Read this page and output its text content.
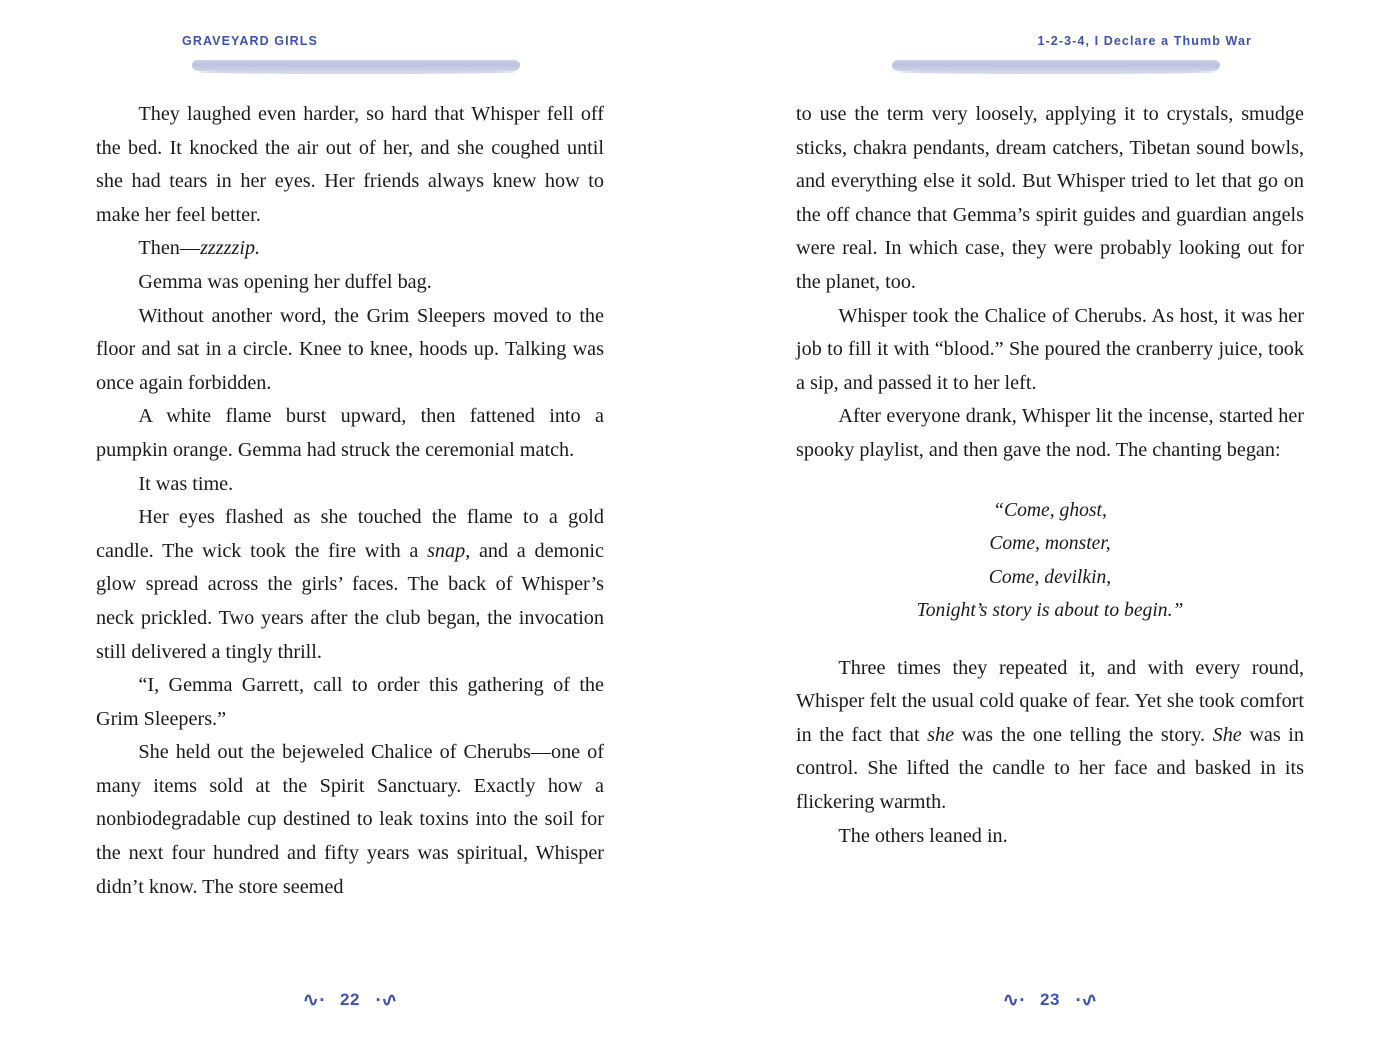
GRAVEYARD GIRLS

They laughed even harder, so hard that Whisper fell off the bed. It knocked the air out of her, and she coughed until she had tears in her eyes. Her friends always knew how to make her feel better.

Then—zzzzzip.

Gemma was opening her duffel bag.

Without another word, the Grim Sleepers moved to the floor and sat in a circle. Knee to knee, hoods up. Talking was once again forbidden.

A white flame burst upward, then fattened into a pumpkin orange. Gemma had struck the ceremonial match.

It was time.

Her eyes flashed as she touched the flame to a gold candle. The wick took the fire with a snap, and a demonic glow spread across the girls’ faces. The back of Whisper’s neck prickled. Two years after the club began, the invocation still delivered a tingly thrill.

“I, Gemma Garrett, call to order this gathering of the Grim Sleepers.”

She held out the bejeweled Chalice of Cherubs—one of many items sold at the Spirit Sanctuary. Exactly how a nonbiodegradable cup destined to leak toxins into the soil for the next four hundred and fifty years was spiritual, Whisper didn’t know. The store seemed

∿∙ 22 ∿∙
1-2-3-4, I Declare a Thumb War

to use the term very loosely, applying it to crystals, smudge sticks, chakra pendants, dream catchers, Tibetan sound bowls, and everything else it sold. But Whisper tried to let that go on the off chance that Gemma’s spirit guides and guardian angels were real. In which case, they were probably looking out for the planet, too.

Whisper took the Chalice of Cherubs. As host, it was her job to fill it with “blood.” She poured the cranberry juice, took a sip, and passed it to her left.

After everyone drank, Whisper lit the incense, started her spooky playlist, and then gave the nod. The chanting began:

“Come, ghost,
Come, monster,
Come, devilkin,
Tonight’s story is about to begin.”

Three times they repeated it, and with every round, Whisper felt the usual cold quake of fear. Yet she took comfort in the fact that she was the one telling the story. She was in control. She lifted the candle to her face and basked in its flickering warmth.

The others leaned in.

∿∙ 23 ∿∙
